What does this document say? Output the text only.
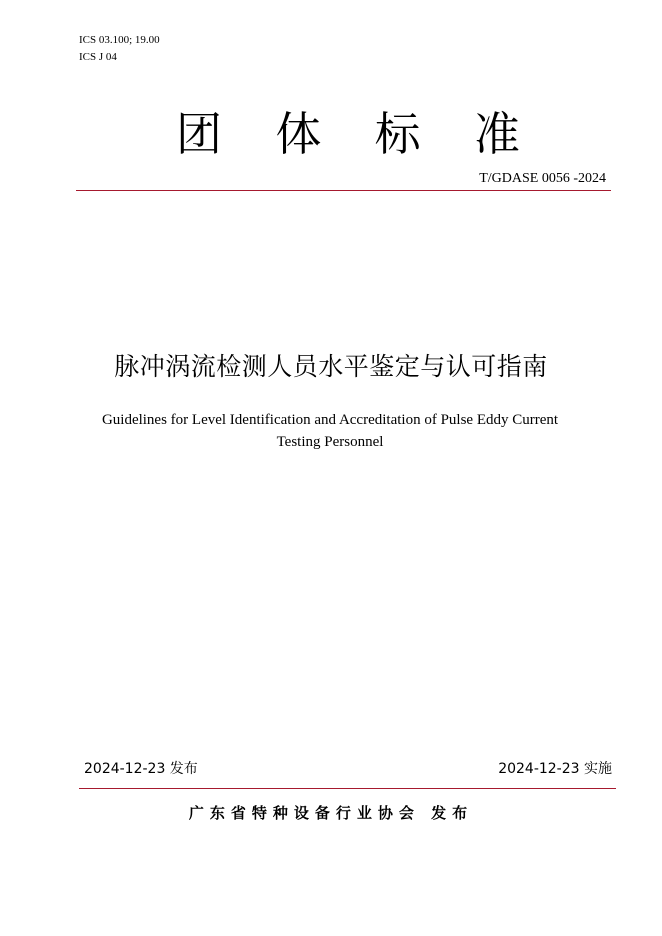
ICS 03.100; 19.00
ICS J 04
团 体 标 准
T/GDASE 0056 -2024
脉冲涡流检测人员水平鉴定与认可指南
Guidelines for Level Identification and Accreditation of Pulse Eddy Current
Testing Personnel
2024-12-23 发布	2024-12-23 实施
广东省特种设备行业协会 发布
